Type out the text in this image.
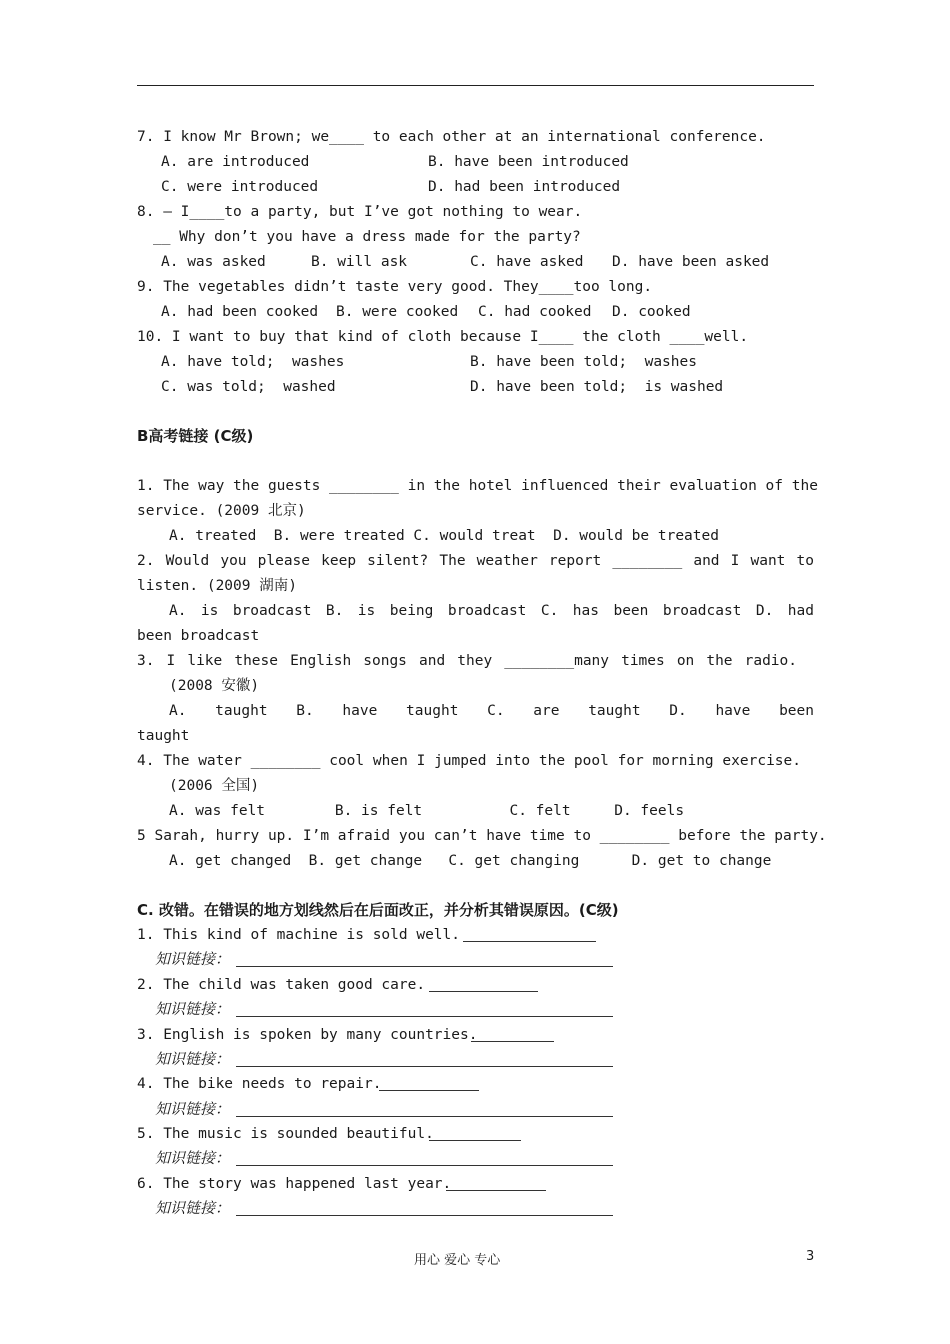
7. I know Mr Brown; we____ to each other at an international conference.
A. are introduced	B. have been introduced
C. were introduced	D. had been introduced
8. — I____to a party, but I’ve got nothing to wear.
__ Why don’t you have a dress made for the party?
A. was asked	B. will ask	C. have asked D. have been asked
9. The vegetables didn’t taste very good. They____too long.
A. had been cooked B. were cooked C. had cooked D. cooked
10. I want to buy that kind of cloth because I____ the cloth ____well.
A. have told;  washes	B. have been told;  washes
C. was told;  washed	D. have been told;  is washed
B高考链接 (C级)
1. The way the guests ________ in the hotel influenced their evaluation of the
service. (2009 北京)
A. treated  B. were treated C. would treat  D. would be treated
2. Would you please keep silent? The weather report ________ and I want to
listen. (2009 湖南)
A. is broadcast B. is being broadcast C. has been broadcast D. had
been broadcast
3. I like these English songs and they ________many times on the radio.
(2008 安徽)
A. taught B. have taught C. are taught D. have been
taught
4. The water ________ cool when I jumped into the pool for morning exercise.
(2006 全国)
A. was felt        B. is felt          C. felt     D. feels
5 Sarah, hurry up. I’m afraid you can’t have time to ________ before the party.
A. get changed  B. get change   C. get changing      D. get to change
C. 改错。在错误的地方划线然后在后面改正，并分析其错误原因。(C级)
1. This kind of machine is sold well.
知识链接：
2. The child was taken good care.
知识链接：
3. English is spoken by many countries.
知识链接：
4. The bike needs to repair.
知识链接：
5. The music is sounded beautiful.
知识链接：
6. The story was happened last year.
知识链接：
用心 爱心 专心	3
